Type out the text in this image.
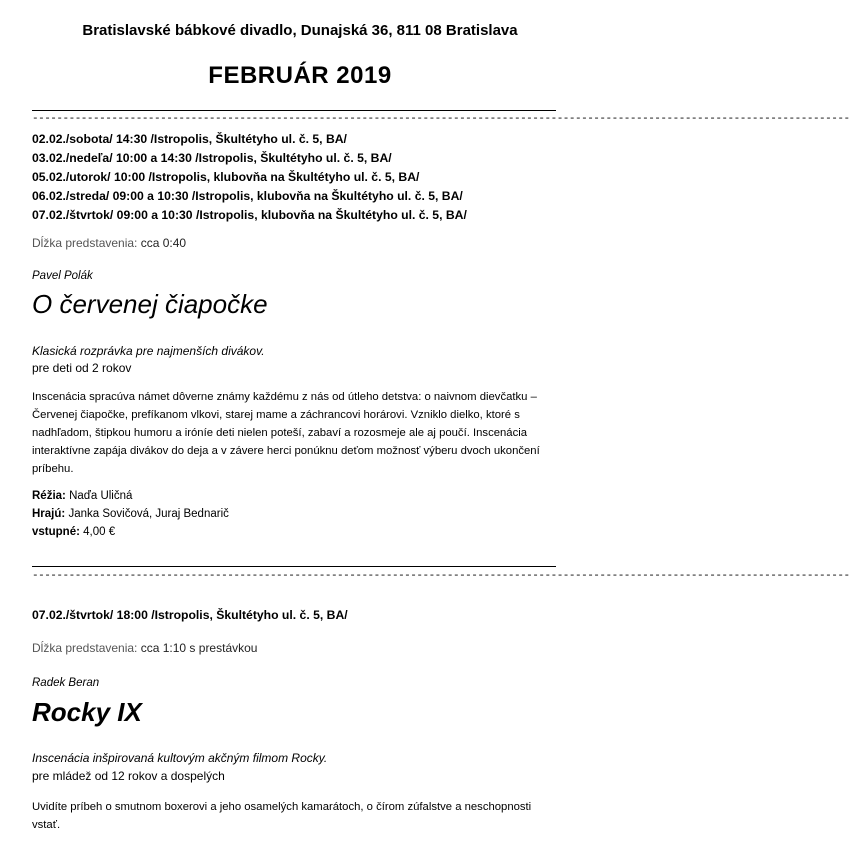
Bratislavské bábkové divadlo, Dunajská 36, 811 08 Bratislava
FEBRUÁR 2019
--------------------------------------------------------------------------------------------------------------------------------------
02.02./sobota/ 14:30 /Istropolis, Škultétyho ul. č. 5, BA/
03.02./nedeľa/ 10:00 a 14:30 /Istropolis, Škultétyho ul. č. 5, BA/
05.02./utorok/ 10:00 /Istropolis, klubovňa na Škultétyho ul. č. 5, BA/
06.02./streda/ 09:00 a 10:30 /Istropolis, klubovňa na Škultétyho ul. č. 5, BA/
07.02./štvrtok/ 09:00 a 10:30 /Istropolis, klubovňa na Škultétyho ul. č. 5, BA/
Dĺžka predstavenia: cca 0:40
Pavel Polák
O červenej čiapočke
Klasická rozprávka pre najmenších divákov.
pre deti od 2 rokov
Inscenácia spracúva námet dôverne známy každému z nás od útleho detstva: o naivnom dievčatku –
Červenej čiapočke, prefíkanom vlkovi, starej mame a záchrancovi horárovi. Vzniklo dielko, ktoré s
nadhľadom, štipkou humoru a iróníe deti nielen poteší, zabaví a rozosmeje ale aj poučí. Inscenácia
interaktívne zapája divákov do deja a v závere herci ponúknu deťom možnosť výberu dvoch ukončení
príbehu.
Réžia: Naďa Uličná
Hrajú: Janka Sovičová, Juraj Bednarič
vstupné: 4,00 €
--------------------------------------------------------------------------------------------------------------------------------------
07.02./štvrtok/ 18:00 /Istropolis, Škultétyho ul. č. 5, BA/
Dĺžka predstavenia: cca 1:10 s prestávkou
Radek Beran
Rocky IX
Inscenácia inšpirovaná kultovým akčným filmom Rocky.
pre mládež od 12 rokov a dospelých
Uvidíte príbeh o smutnom boxerovi a jeho osamelých kamarátoch, o čírom zúfalstve a neschopnosti
vstať.
